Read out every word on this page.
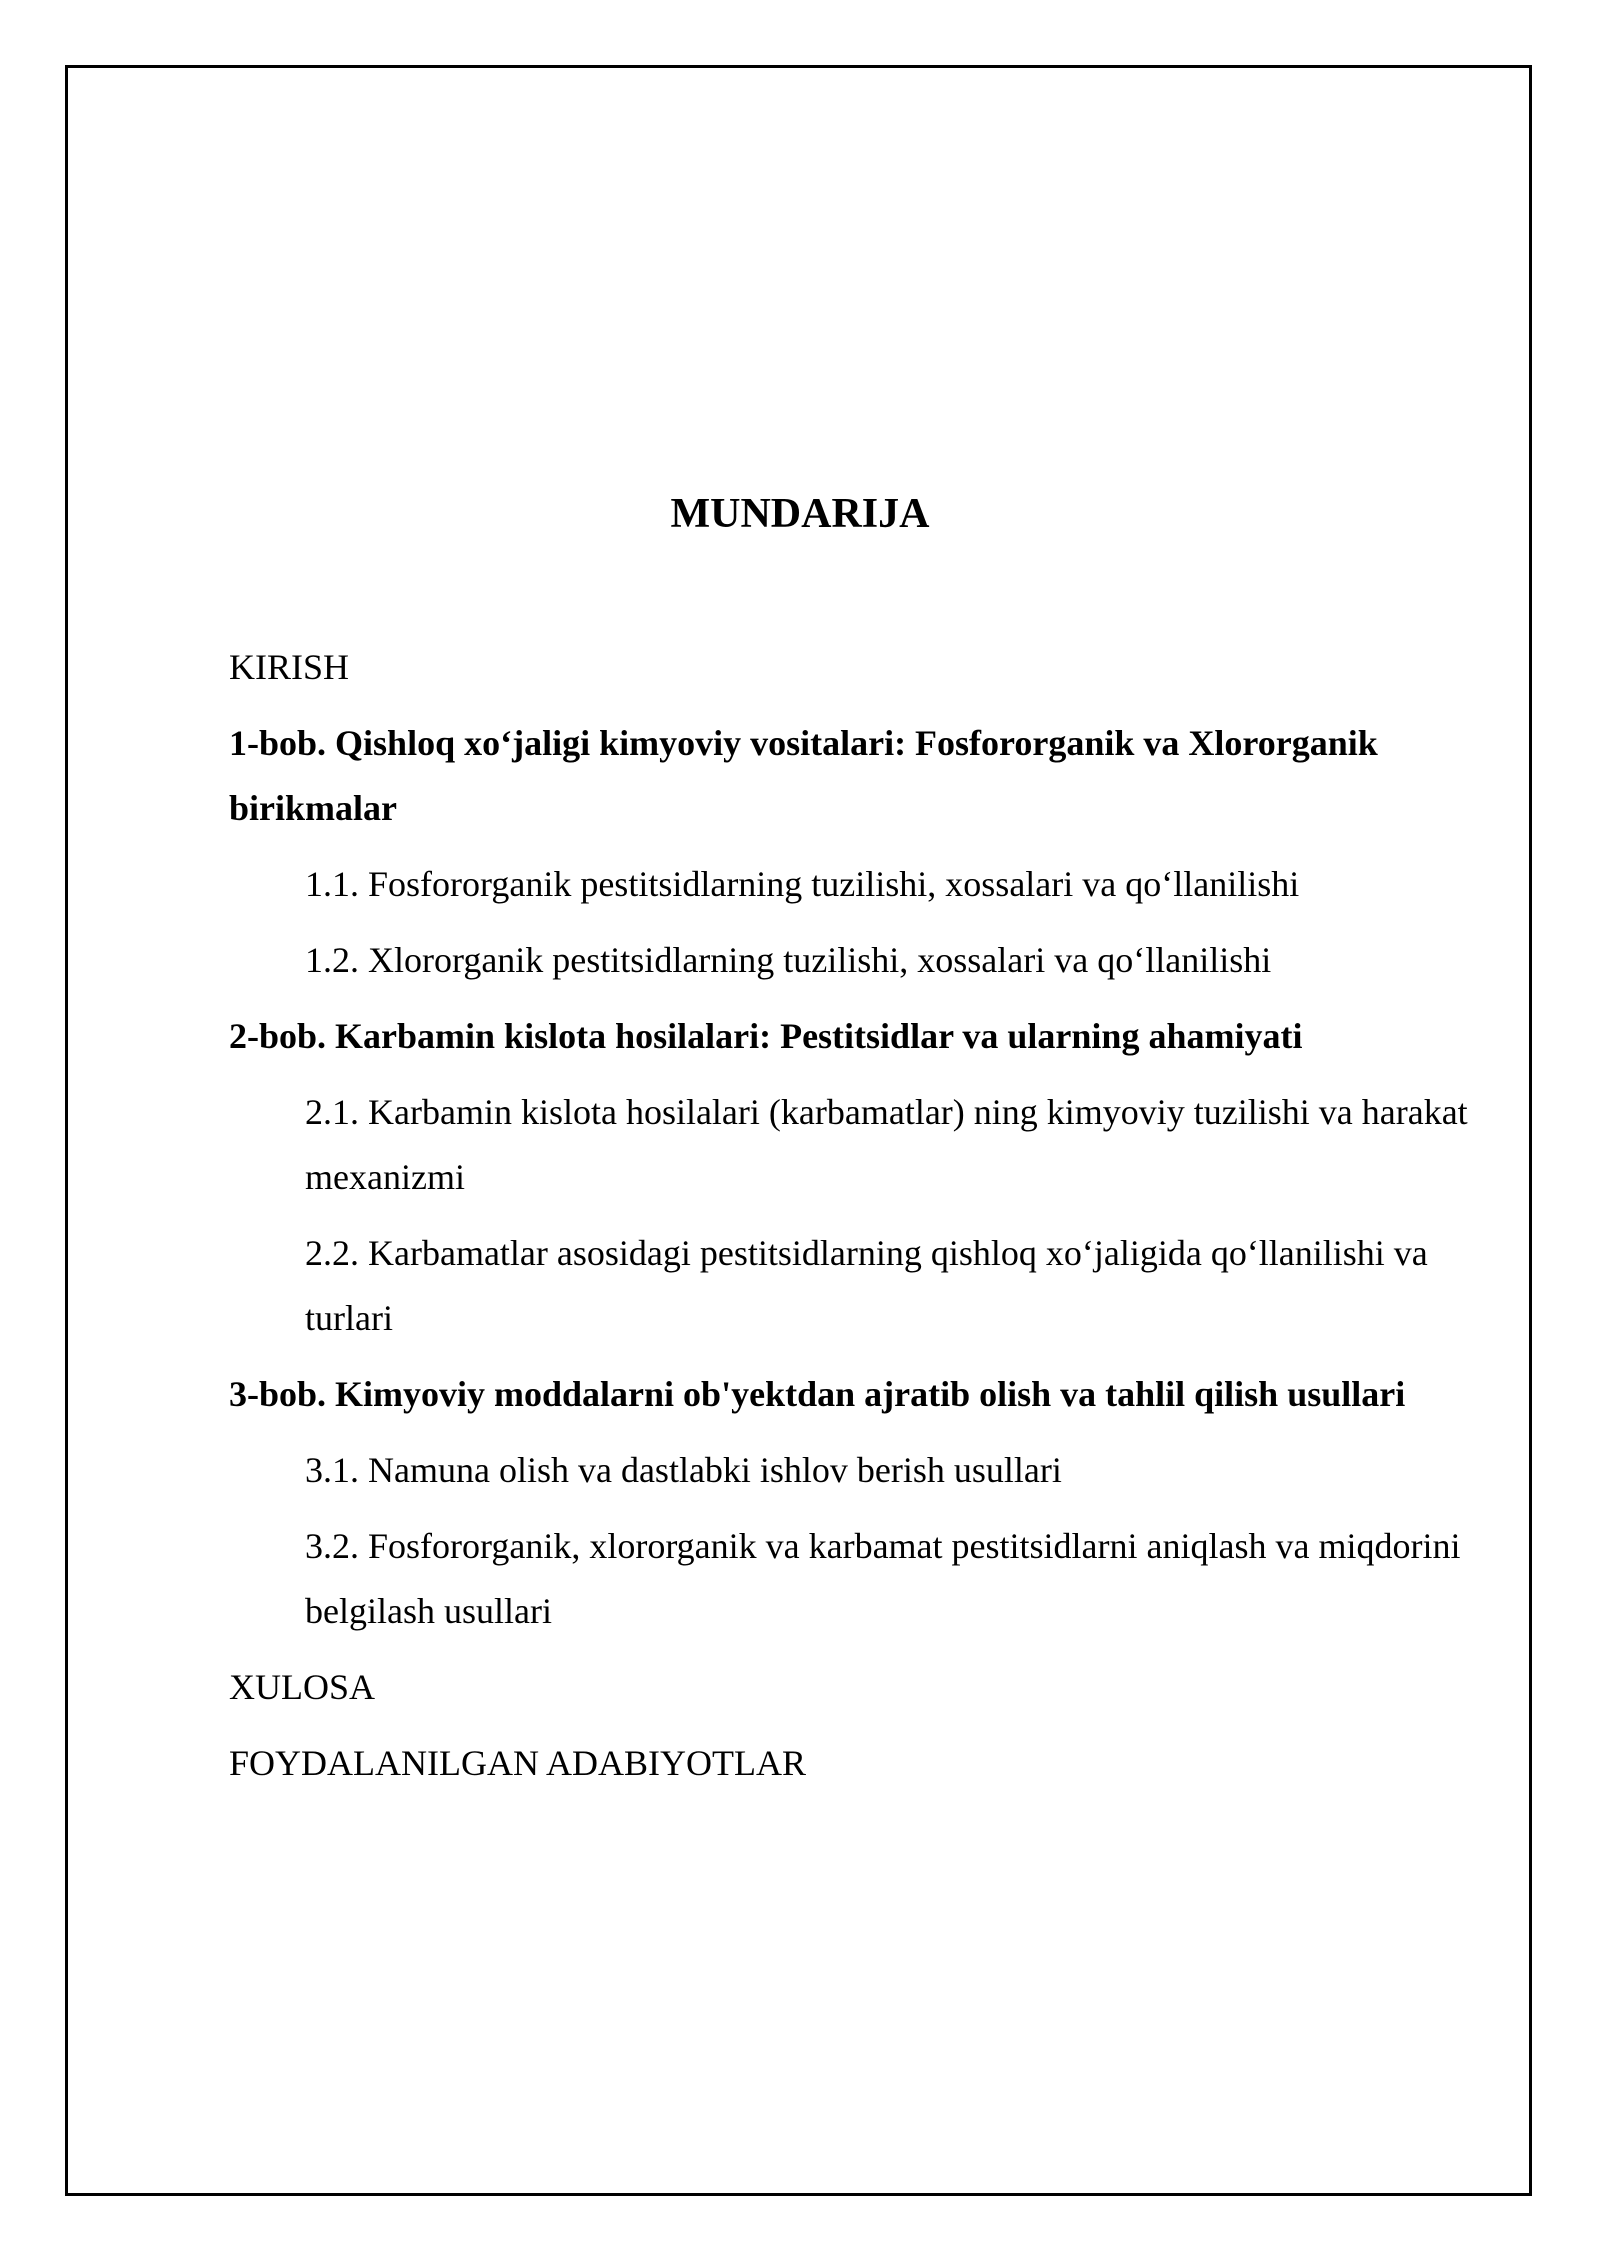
MUNDARIJA
KIRISH
1-bob. Qishloq xo‘jaligi kimyoviy vositalari: Fosfororganik va Xlororganik birikmalar
1.1. Fosfororganik pestitsidlarning tuzilishi, xossalari va qo‘llanilishi
1.2. Xlororganik pestitsidlarning tuzilishi, xossalari va qo‘llanilishi
2-bob. Karbamin kislota hosilalari: Pestitsidlar va ularning ahamiyati
2.1. Karbamin kislota hosilalari (karbamatlar) ning kimyoviy tuzilishi va harakat mexanizmi
2.2. Karbamatlar asosidagi pestitsidlarning qishloq xo‘jaligida qo‘llanilishi va turlari
3-bob. Kimyoviy moddalarni ob'yektdan ajratib olish va tahlil qilish usullari
3.1. Namuna olish va dastlabki ishlov berish usullari
3.2. Fosfororganik, xlororganik va karbamat pestitsidlarni aniqlash va miqdorini belgilash usullari
XULOSA
FOYDALANILGAN ADABIYOTLAR
